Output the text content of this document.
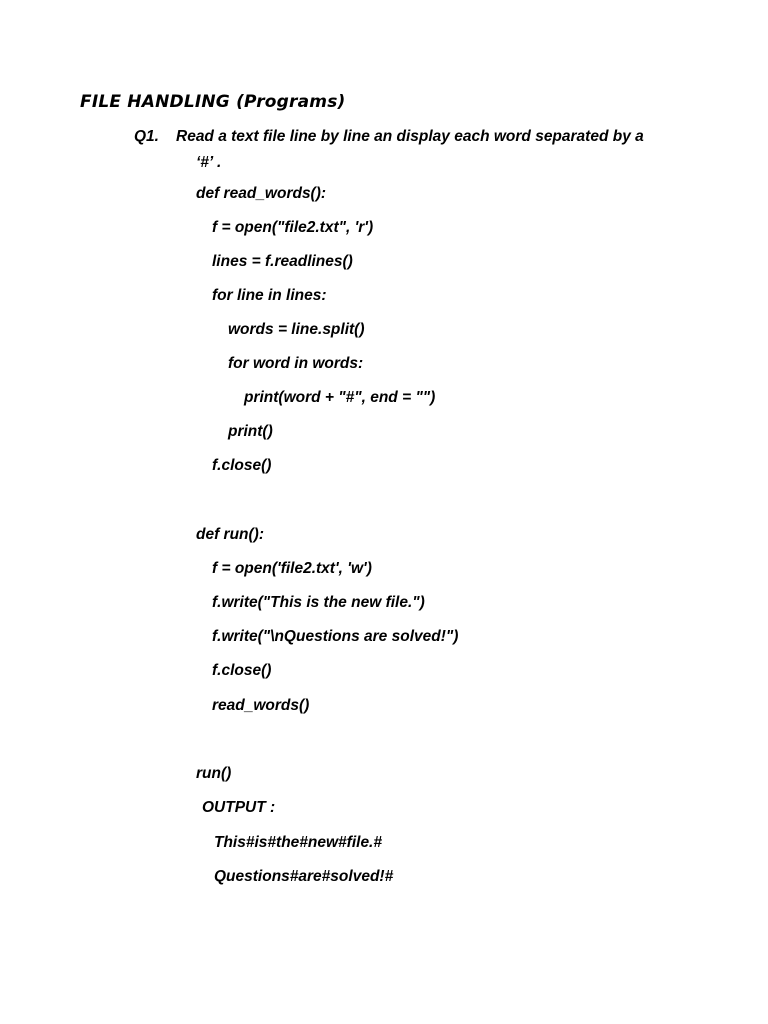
FILE HANDLING (Programs)
Q1. Read a text file line by line an display each word separated by a
‘#’ .
def read_words():
f = open("file2.txt", 'r')
lines = f.readlines()
for line in lines:
words = line.split()
for word in words:
print(word + "#", end = "")
print()
f.close()
def run():
f = open('file2.txt', 'w')
f.write("This is the new file.")
f.write("\nQuestions are solved!")
f.close()
read_words()
run()
OUTPUT :
This#is#the#new#file.#
Questions#are#solved!#
